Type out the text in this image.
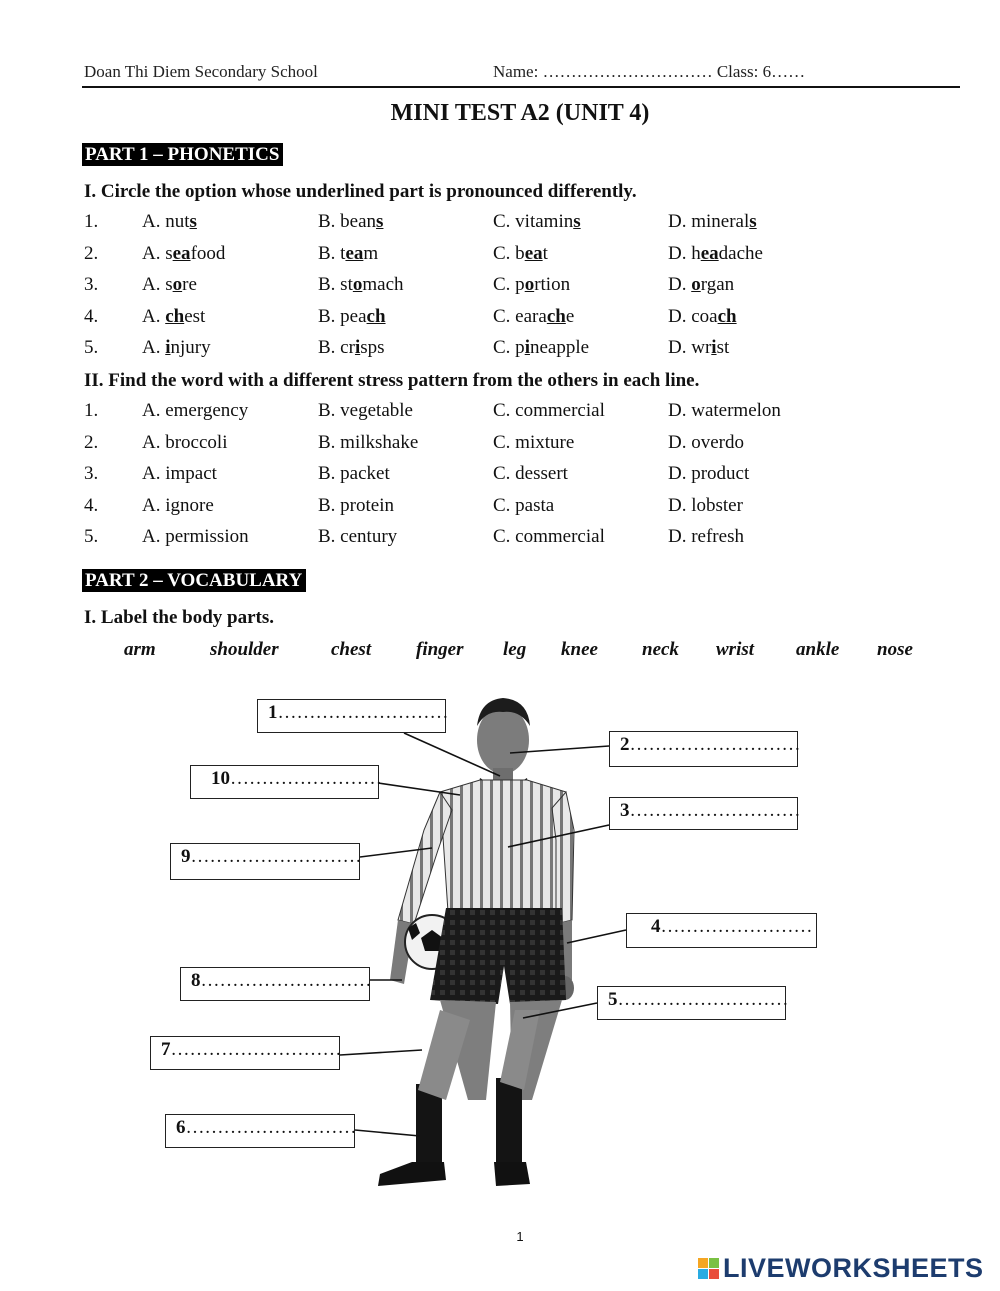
Doan Thi Diem Secondary School	Name: ………………………… Class: 6……
MINI TEST A2 (UNIT 4)
PART 1 – PHONETICS
I. Circle the option whose underlined part is pronounced differently.
1. A. nuts	B. beans	C. vitamins	D. minerals
2. A. seafood	B. team	C. beat	D. headache
3. A. sore	B. stomach	C. portion	D. organ
4. A. chest	B. peach	C. earache	D. coach
5. A. injury	B. crisps	C. pineapple	D. wrist
II. Find the word with a different stress pattern from the others in each line.
1. A. emergency	B. vegetable	C. commercial	D. watermelon
2. A. broccoli	B. milkshake	C. mixture	D. overdo
3. A. impact	B. packet	C. dessert	D. product
4. A. ignore	B. protein	C. pasta	D. lobster
5. A. permission	B. century	C. commercial	D. refresh
PART 2 – VOCABULARY
I. Label the body parts.
arm	shoulder	chest finger leg knee neck wrist ankle nose
1………………………
2………………………
3………………………
4……………………
5………………………
6………………………
7………………………
8………………………
9………………………
10……………………
1
LIVEWORKSHEETS
